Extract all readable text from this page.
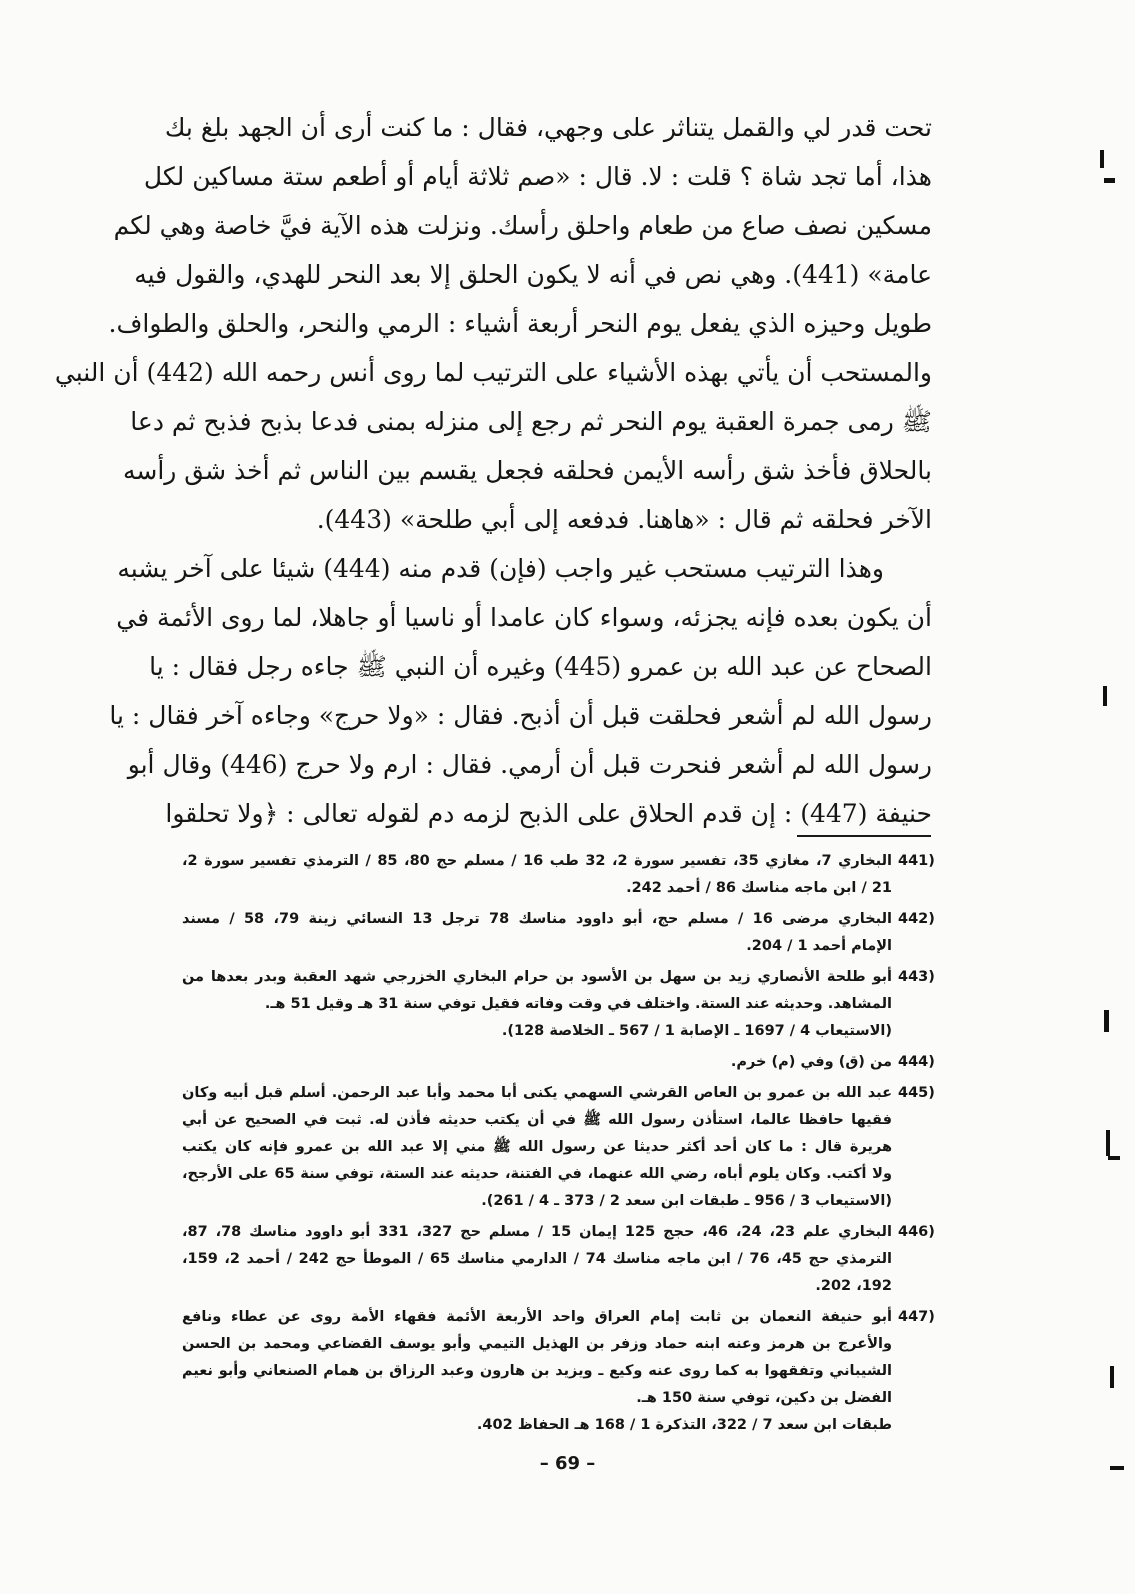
تحت قدر لي والقمل يتناثر على وجهي، فقال : ما كنت أرى أن الجهد بلغ بك
هذا، أما تجد شاة ؟ قلت : لا. قال : «صم ثلاثة أيام أو أطعم ستة مساكين لكل
مسكين نصف صاع من طعام واحلق رأسك. ونزلت هذه الآية فيَّ خاصة وهي لكم
عامة» (441). وهي نص في أنه لا يكون الحلق إلا بعد النحر للهدي، والقول فيه
طويل وحيزه الذي يفعل يوم النحر أربعة أشياء : الرمي والنحر، والحلق والطواف.
والمستحب أن يأتي بهذه الأشياء على الترتيب لما روى أنس رحمه الله (442) أن النبي
ﷺ رمى جمرة العقبة يوم النحر ثم رجع إلى منزله بمنى فدعا بذبح فذبح ثم دعا
بالحلاق فأخذ شق رأسه الأيمن فحلقه فجعل يقسم بين الناس ثم أخذ شق رأسه
الآخر فحلقه ثم قال : «هاهنا. فدفعه إلى أبي طلحة» (443).
وهذا الترتيب مستحب غير واجب (فإن) قدم منه (444) شيئا على آخر يشبه
أن يكون بعده فإنه يجزئه، وسواء كان عامدا أو ناسيا أو جاهلا، لما روى الأئمة في
الصحاح عن عبد الله بن عمرو (445) وغيره أن النبي ﷺ جاءه رجل فقال : يا
رسول الله لم أشعر فحلقت قبل أن أذبح. فقال : «ولا حرج» وجاءه آخر فقال : يا
رسول الله لم أشعر فنحرت قبل أن أرمي. فقال : ارم ولا حرج (446) وقال أبو
حنيفة (447) : إن قدم الحلاق على الذبح لزمه دم لقوله تعالى : ﴿ولا تحلقوا
441)
البخاري 7، مغازي 35، تفسير سورة 2، 32 طب 16 / مسلم حج 80، 85 / الترمذي تفسير سورة 2،
21 / ابن ماجه مناسك 86 / أحمد 242.
442)
البخاري مرضى 16 / مسلم حج، أبو داوود مناسك 78 ترجل 13 النسائي زينة 79، 58 / مسند
الإمام أحمد 1 / 204.
443)
أبو طلحة الأنصاري زيد بن سهل بن الأسود بن حرام البخاري الخزرجي شهد العقبة وبدر بعدها من
المشاهد. وحديثه عند الستة. واختلف في وقت وفاته فقيل توفي سنة 31 هـ وقيل 51 هـ.
(الاستيعاب 4 / 1697 ـ الإصابة 1 / 567 ـ الخلاصة 128).
444)
من (ق) وفي (م) خرم.
445)
عبد الله بن عمرو بن العاص القرشي السهمي يكنى أبا محمد وأبا عبد الرحمن. أسلم قبل أبيه وكان
فقيها حافظا عالما، استأذن رسول الله ﷺ في أن يكتب حديثه فأذن له. ثبت في الصحيح عن أبي
هريرة قال : ما كان أحد أكثر حديثا عن رسول الله ﷺ مني إلا عبد الله بن عمرو فإنه كان يكتب
ولا أكتب. وكان يلوم أباه، رضي الله عنهما، في الفتنة، حديثه عند الستة، توفي سنة 65 على الأرجح،
(الاستيعاب 3 / 956 ـ طبقات ابن سعد 2 / 373 ـ 4 / 261).
446)
البخاري علم 23، 24، 46، حجج 125 إيمان 15 / مسلم حج 327، 331 أبو داوود مناسك 78، 87،
الترمذي حج 45، 76 / ابن ماجه مناسك 74 / الدارمي مناسك 65 / الموطأ حج 242 / أحمد 2، 159،
192، 202.
447)
أبو حنيفة النعمان بن ثابت إمام العراق واحد الأربعة الأئمة فقهاء الأمة روى عن عطاء ونافع
والأعرج بن هرمز وعنه ابنه حماد وزفر بن الهذيل التيمي وأبو يوسف القضاعي ومحمد بن الحسن
الشيباني وتفقهوا به كما روى عنه وكيع ـ ويزيد بن هارون وعبد الرزاق بن همام الصنعاني وأبو نعيم
الفضل بن دكين، توفي سنة 150 هـ.
طبقات ابن سعد 7 / 322، التذكرة 1 / 168 هـ الحفاظ 402.
– 69 –
